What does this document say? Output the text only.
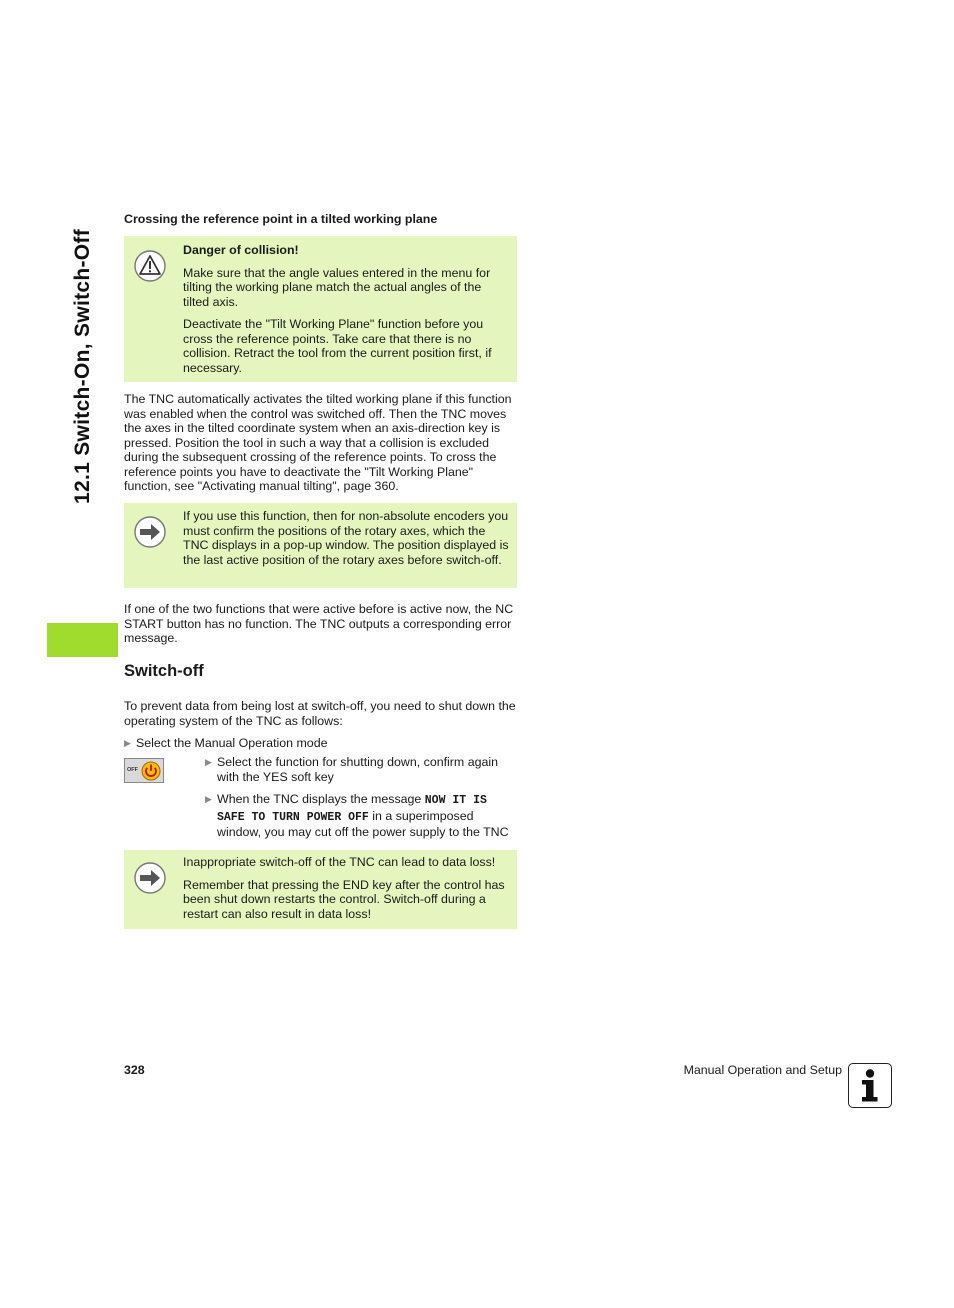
12.1 Switch-On, Switch-Off
Crossing the reference point in a tilted working plane

Danger of collision!

Make sure that the angle values entered in the menu for tilting the working plane match the actual angles of the tilted axis.

Deactivate the "Tilt Working Plane" function before you cross the reference points. Take care that there is no collision. Retract the tool from the current position first, if necessary.

The TNC automatically activates the tilted working plane if this function was enabled when the control was switched off. Then the TNC moves the axes in the tilted coordinate system when an axis-direction key is pressed. Position the tool in such a way that a collision is excluded during the subsequent crossing of the reference points. To cross the reference points you have to deactivate the "Tilt Working Plane" function, see "Activating manual tilting", page 360.

If you use this function, then for non-absolute encoders you must confirm the positions of the rotary axes, which the TNC displays in a pop-up window. The position displayed is the last active position of the rotary axes before switch-off.

If one of the two functions that were active before is active now, the NC START button has no function. The TNC outputs a corresponding error message.

Switch-off

To prevent data from being lost at switch-off, you need to shut down the operating system of the TNC as follows:

▶ Select the Manual Operation mode
OFF
▶ Select the function for shutting down, confirm again with the YES soft key
▶ When the TNC displays the message NOW IT IS SAFE TO TURN POWER OFF in a superimposed window, you may cut off the power supply to the TNC

Inappropriate switch-off of the TNC can lead to data loss!

Remember that pressing the END key after the control has been shut down restarts the control. Switch-off during a restart can also result in data loss!

328	Manual Operation and Setup
